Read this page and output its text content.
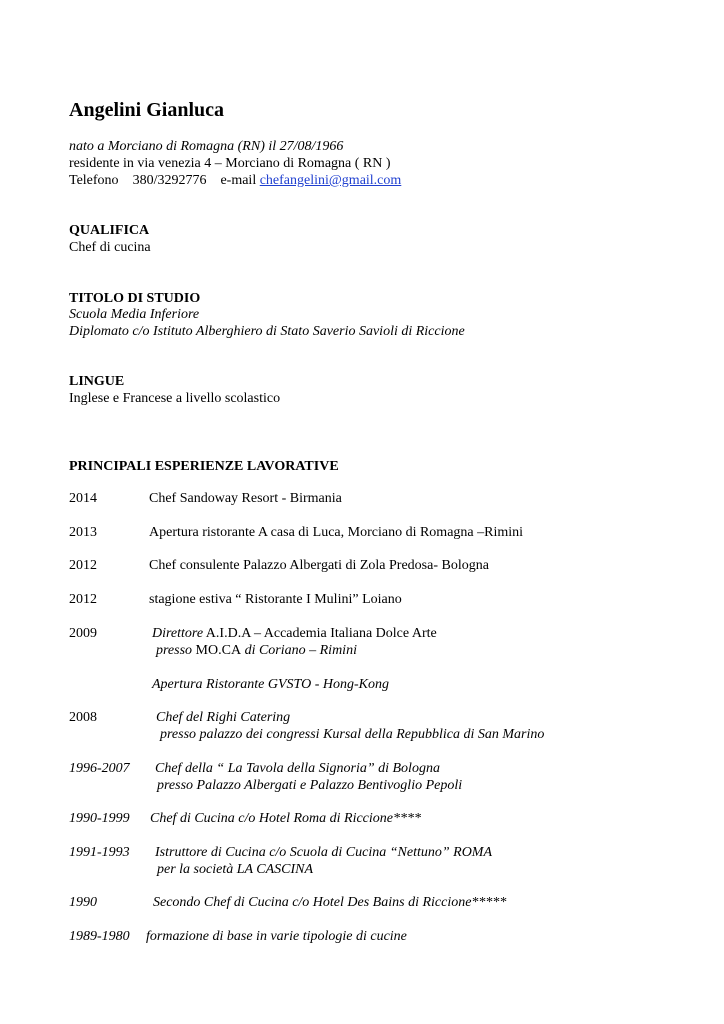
Angelini Gianluca
nato a Morciano di Romagna (RN) il 27/08/1966
residente in via venezia 4 – Morciano di Romagna ( RN )
Telefono 380/3292776 e-mail chefangelini@gmail.com
QUALIFICA
Chef di cucina
TITOLO DI STUDIO
Scuola Media Inferiore
Diplomato c/o Istituto Alberghiero di Stato Saverio Savioli di Riccione
LINGUE
Inglese e Francese a livello scolastico
PRINCIPALI ESPERIENZE LAVORATIVE
2014	Chef Sandoway Resort - Birmania
2013	Apertura ristorante A casa di Luca, Morciano di Romagna –Rimini
2012	Chef consulente Palazzo Albergati di Zola Predosa- Bologna
2012	stagione estiva “ Ristorante I Mulini” Loiano
2009	Direttore A.I.D.A – Accademia Italiana Dolce Arte
presso MO.CA di Coriano – Rimini
Apertura Ristorante GVSTO - Hong-Kong
2008	Chef del Righi Catering
presso palazzo dei congressi Kursal della Repubblica di San Marino
1996-2007 Chef della “ La Tavola della Signoria” di Bologna
presso Palazzo Albergati e Palazzo Bentivoglio Pepoli
1990-1999 Chef di Cucina c/o Hotel Roma di Riccione****
1991-1993 Istruttore di Cucina c/o Scuola di Cucina “Nettuno” ROMA
per la società LA CASCINA
1990	Secondo Chef di Cucina c/o Hotel Des Bains di Riccione*****
1989-1980 formazione di base in varie tipologie di cucine
